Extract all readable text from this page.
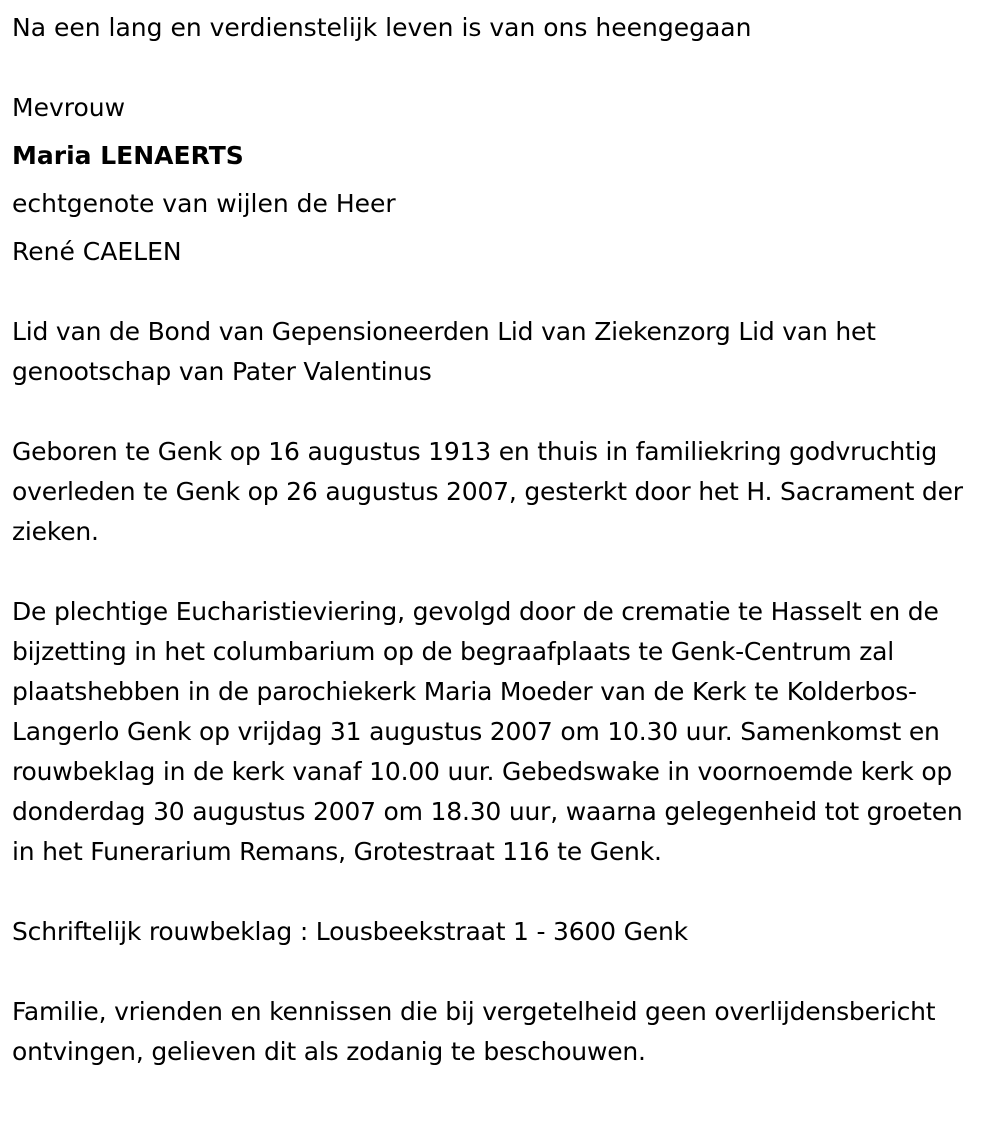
Na een lang en verdienstelijk leven is van ons heengegaan

Mevrouw

Maria LENAERTS

echtgenote van wijlen de Heer

René CAELEN

Lid van de Bond van Gepensioneerden Lid van Ziekenzorg Lid van het genootschap van Pater Valentinus

Geboren te Genk op 16 augustus 1913 en thuis in familiekring godvruchtig overleden te Genk op 26 augustus 2007, gesterkt door het H. Sacrament der zieken.

De plechtige Eucharistieviering, gevolgd door de crematie te Hasselt en de bijzetting in het columbarium op de begraafplaats te Genk-Centrum zal plaatshebben in de parochiekerk Maria Moeder van de Kerk te Kolderbos-Langerlo Genk op vrijdag 31 augustus 2007 om 10.30 uur. Samenkomst en rouwbeklag in de kerk vanaf 10.00 uur. Gebedswake in voornoemde kerk op donderdag 30 augustus 2007 om 18.30 uur, waarna gelegenheid tot groeten in het Funerarium Remans, Grotestraat 116 te Genk.

Schriftelijk rouwbeklag : Lousbeekstraat 1 - 3600 Genk

Familie, vrienden en kennissen die bij vergetelheid geen overlijdensbericht ontvingen, gelieven dit als zodanig te beschouwen.
